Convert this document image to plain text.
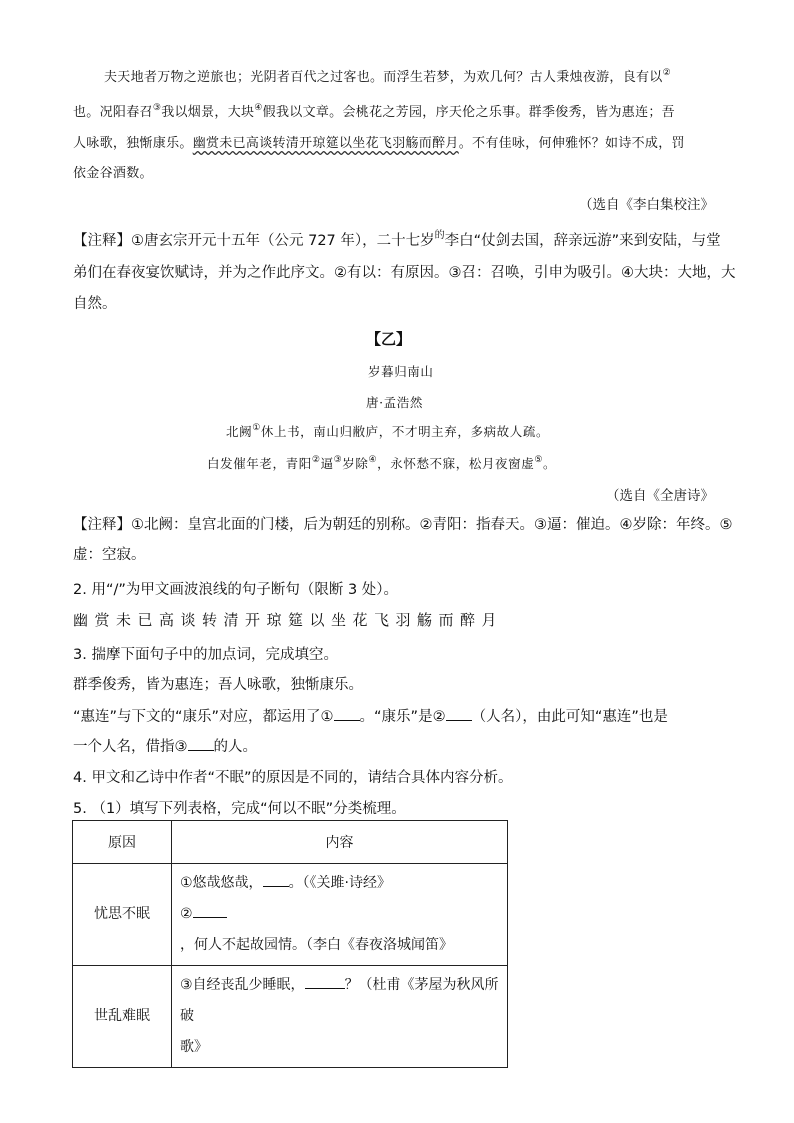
夫天地者万物之逆旅也；光阴者百代之过客也。而浮生若梦，为欢几何？古人秉烛夜游，良有以②
也。况阳春召③我以烟景，大块④假我以文章。会桃花之芳园，序天伦之乐事。群季俊秀，皆为惠连；吾
人咏歌，独惭康乐。幽赏未已高谈转清开琼筵以坐花飞羽觞而醉月。不有佳咏，何伸雅怀？如诗不成，罚
依金谷酒数。
（选自《李白集校注》
【注释】①唐玄宗开元十五年（公元 727 年），二十七岁$^的$李白“仗剑去国，辞亲远游”来到安陆，与堂
弟们在春夜宴饮赋诗，并为之作此序文。②有以：有原因。③召：召唤，引申为吸引。④大块：大地，大
自然。
【乙】
岁暮归南山
唐·孟浩然
北阙①休上书，南山归敝庐，不才明主弃，多病故人疏。
白发催年老，青阳②逼③岁除④，永怀愁不寐，松月夜窗虚⑤。
（选自《全唐诗》
【注释】①北阙：皇宫北面的门楼，后为朝廷的别称。②青阳：指春天。③逼：催迫。④岁除：年终。⑤
虚：空寂。
2. 用“/”为甲文画波浪线的句子断句（限断 3 处）。
幽赏未已高谈转清开琼筵以坐花飞羽觞而醉月
3. 揣摩下面句子中的加点词，完成填空。
群季俊秀，皆为惠连；吾人咏歌，独惭康乐。
“惠连”与下文的“康乐”对应，都运用了① 。“康乐”是② （人名），由此可知“惠连”也是
一个人名，借指③ 的人。
4. 甲文和乙诗中作者“不眠”的原因是不同的，请结合具体内容分析。
5. （1）填写下列表格，完成“何以不眠”分类梳理。
原因	内容
忧思不眠	①悠哉悠哉， 。（《关雎·诗经》
②，何人不起故园情。（李白《春夜洛城闻笛》

世乱难眠	③自经丧乱少睡眠， ？（杜甫《茅屋为秋风所破
歌》
